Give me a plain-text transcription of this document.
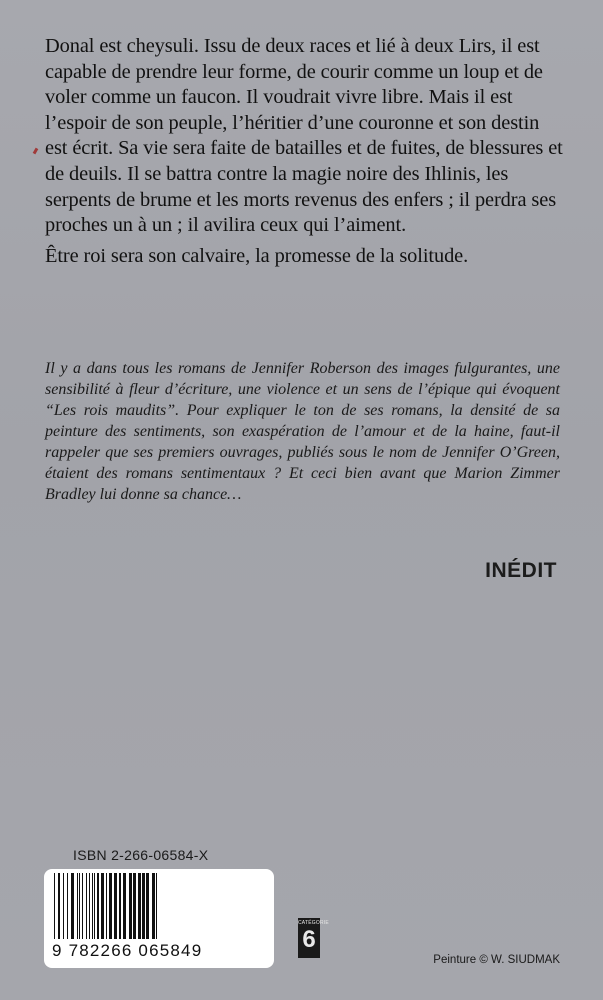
Donal est cheysuli. Issu de deux races et lié à deux Lirs, il est capable de prendre leur forme, de courir comme un loup et de voler comme un faucon. Il voudrait vivre libre. Mais il est l’espoir de son peuple, l’héritier d’une couronne et son destin est écrit. Sa vie sera faite de batailles et de fuites, de blessures et de deuils. Il se battra contre la magie noire des Ihlinis, les serpents de brume et les morts revenus des enfers ; il perdra ses proches un à un ; il avilira ceux qui l’aiment.

Être roi sera son calvaire, la promesse de la solitude.

Il y a dans tous les romans de Jennifer Roberson des images fulgurantes, une sensibilité à fleur d’écriture, une violence et un sens de l’épique qui évoquent “Les rois maudits”. Pour expliquer le ton de ses romans, la densité de sa peinture des sentiments, son exaspération de l’amour et de la haine, faut-il rappeler que ses premiers ouvrages, publiés sous le nom de Jennifer O’Green, étaient des romans sentimentaux ? Et ceci bien avant que Marion Zimmer Bradley lui donne sa chance…
INÉDIT
ISBN 2-266-06584-X
9 782266 065849
CATÉGORIE
6
Peinture © W. SIUDMAK
